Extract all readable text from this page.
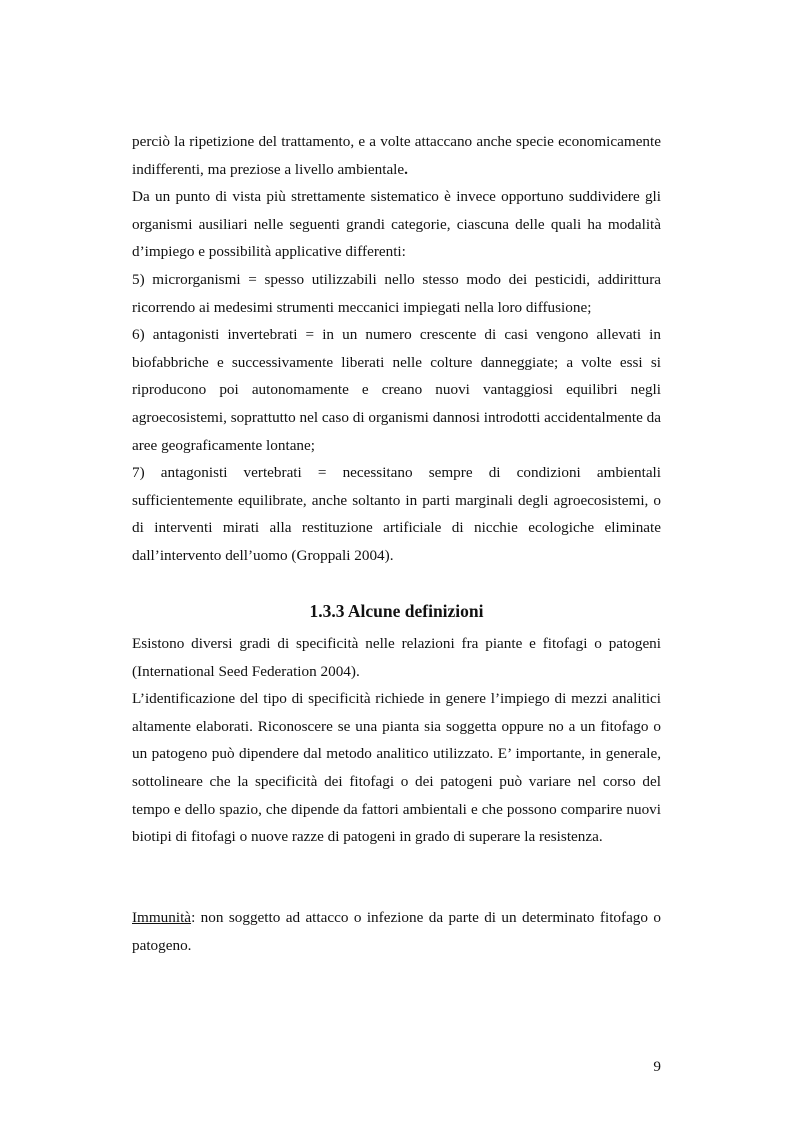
perciò la ripetizione del trattamento, e a volte attaccano anche specie economicamente indifferenti, ma preziose a livello ambientale.

Da un punto di vista più strettamente sistematico è invece opportuno suddividere gli organismi ausiliari nelle seguenti grandi categorie, ciascuna delle quali ha modalità d’impiego e possibilità applicative differenti:

5) microrganismi = spesso utilizzabili nello stesso modo dei pesticidi, addirittura ricorrendo ai medesimi strumenti meccanici impiegati nella loro diffusione;

6) antagonisti invertebrati = in un numero crescente di casi vengono allevati in biofabbriche e successivamente liberati nelle colture danneggiate; a volte essi si riproducono poi autonomamente e creano nuovi vantaggiosi equilibri negli agroecosistemi, soprattutto nel caso di organismi dannosi introdotti accidentalmente da aree geograficamente lontane;

7) antagonisti vertebrati = necessitano sempre di condizioni ambientali sufficientemente equilibrate, anche soltanto in parti marginali degli agroecosistemi, o di interventi mirati alla restituzione artificiale di nicchie ecologiche eliminate dall’intervento dell’uomo (Groppali 2004).

1.3.3 Alcune definizioni

Esistono diversi gradi di specificità nelle relazioni fra piante e fitofagi o patogeni (International Seed Federation 2004).

L’identificazione del tipo di specificità richiede in genere l’impiego di mezzi analitici altamente elaborati. Riconoscere se una pianta sia soggetta oppure no a un fitofago o un patogeno può dipendere dal metodo analitico utilizzato. E’ importante, in generale, sottolineare che la specificità dei fitofagi o dei patogeni può variare nel corso del tempo e dello spazio, che dipende da fattori ambientali e che possono comparire nuovi biotipi di fitofagi o nuove razze di patogeni in grado di superare la resistenza.

Immunità: non soggetto ad attacco o infezione da parte di un determinato fitofago o patogeno.

9
